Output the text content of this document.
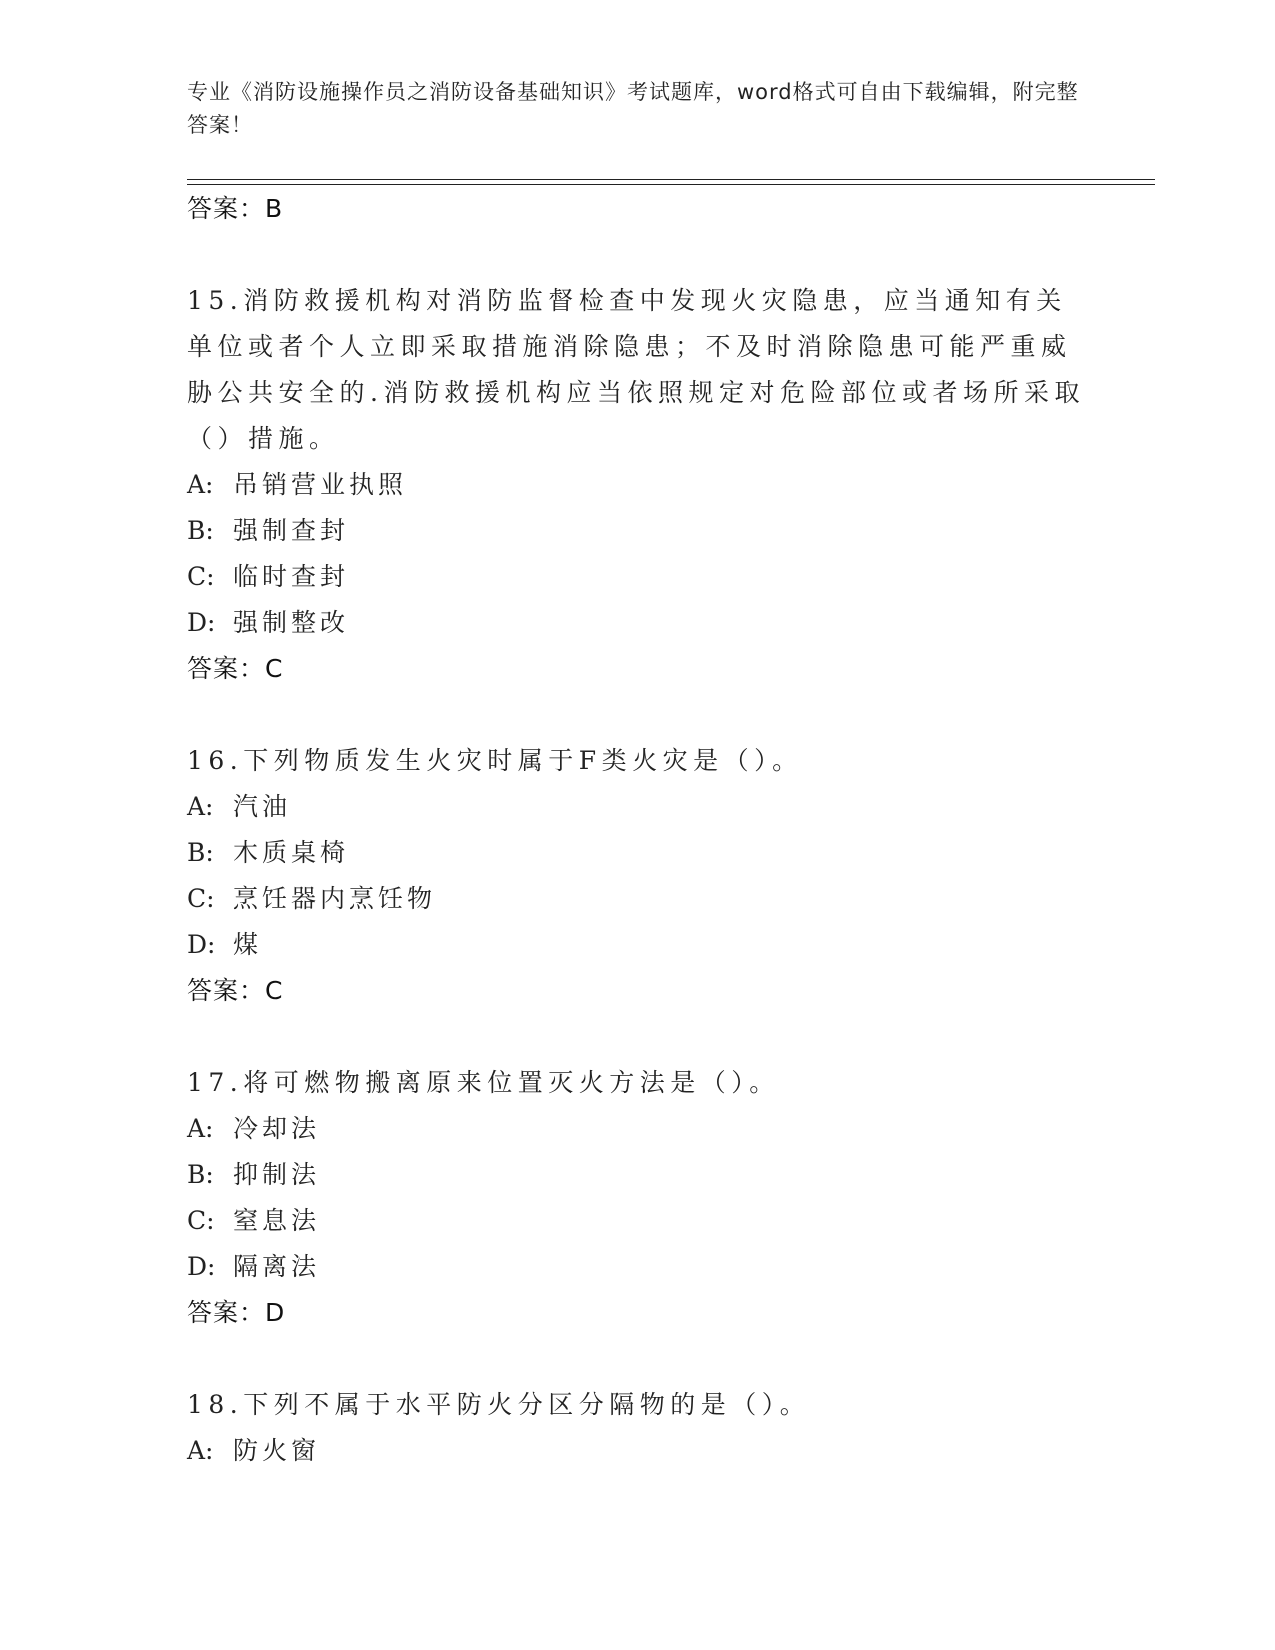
专业《消防设施操作员之消防设备基础知识》考试题库，word格式可自由下载编辑，附完整答案！
答案：B
15.消防救援机构对消防监督检查中发现火灾隐患，应当通知有关单位或者个人立即采取措施消除隐患；不及时消除隐患可能严重威胁公共安全的.消防救援机构应当依照规定对危险部位或者场所采取（）措施。
A: 吊销营业执照
B: 强制查封
C: 临时查封
D: 强制整改
答案：C
16.下列物质发生火灾时属于F类火灾是（）。
A: 汽油
B: 木质桌椅
C: 烹饪器内烹饪物
D: 煤
答案：C
17.将可燃物搬离原来位置灭火方法是（）。
A: 冷却法
B: 抑制法
C: 窒息法
D: 隔离法
答案：D
18.下列不属于水平防火分区分隔物的是（）。
A: 防火窗
